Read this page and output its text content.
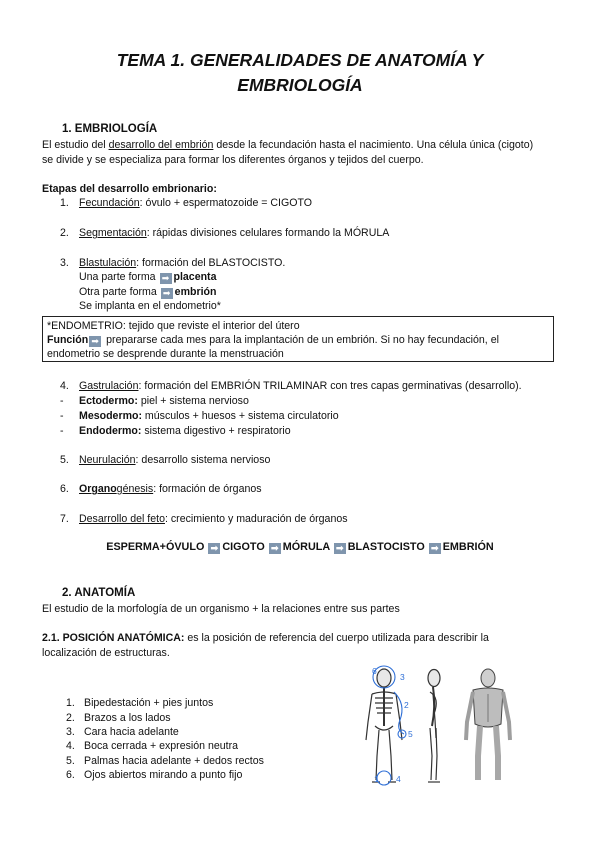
TEMA 1. GENERALIDADES DE ANATOMÍA Y
EMBRIOLOGÍA
1. EMBRIOLOGÍA
El estudio del desarrollo del embrión desde la fecundación hasta el nacimiento. Una célula única (cigoto)
se divide y se especializa para formar los diferentes órganos y tejidos del cuerpo.
Etapas del desarrollo embrionario:
1. Fecundación: óvulo + espermatozoide = CIGOTO
2. Segmentación: rápidas divisiones celulares formando la MÓRULA
3. Blastulación: formación del BLASTOCISTO.
Una parte forma ➡ placenta
Otra parte forma ➡ embrión
Se implanta en el endometrio*
*ENDOMETRIO: tejido que reviste el interior del útero
Función ➡ prepararse cada mes para la implantación de un embrión. Si no hay fecundación, el
endometrio se desprende durante la menstruación
4. Gastrulación: formación del EMBRIÓN TRILAMINAR con tres capas germinativas (desarrollo).
- Ectodermo: piel + sistema nervioso
- Mesodermo: músculos + huesos + sistema circulatorio
- Endodermo: sistema digestivo + respiratorio
5. Neurulación: desarrollo sistema nervioso
6. Organogénesis: formación de órganos
7. Desarrollo del feto: crecimiento y maduración de órganos
ESPERMA+ÓVULO ➡ CIGOTO ➡ MÓRULA ➡ BLASTOCISTO ➡ EMBRIÓN
2. ANATOMÍA
El estudio de la morfología de un organismo + la relaciones entre sus partes
2.1. POSICIÓN ANATÓMICA: es la posición de referencia del cuerpo utilizada para describir la
localización de estructuras.
1. Bipedestación + pies juntos
2. Brazos a los lados
3. Cara hacia adelante
4. Boca cerrada + expresión neutra
5. Palmas hacia adelante + dedos rectos
6. Ojos abiertos mirando a punto fijo
6
3
2
5
1 4
